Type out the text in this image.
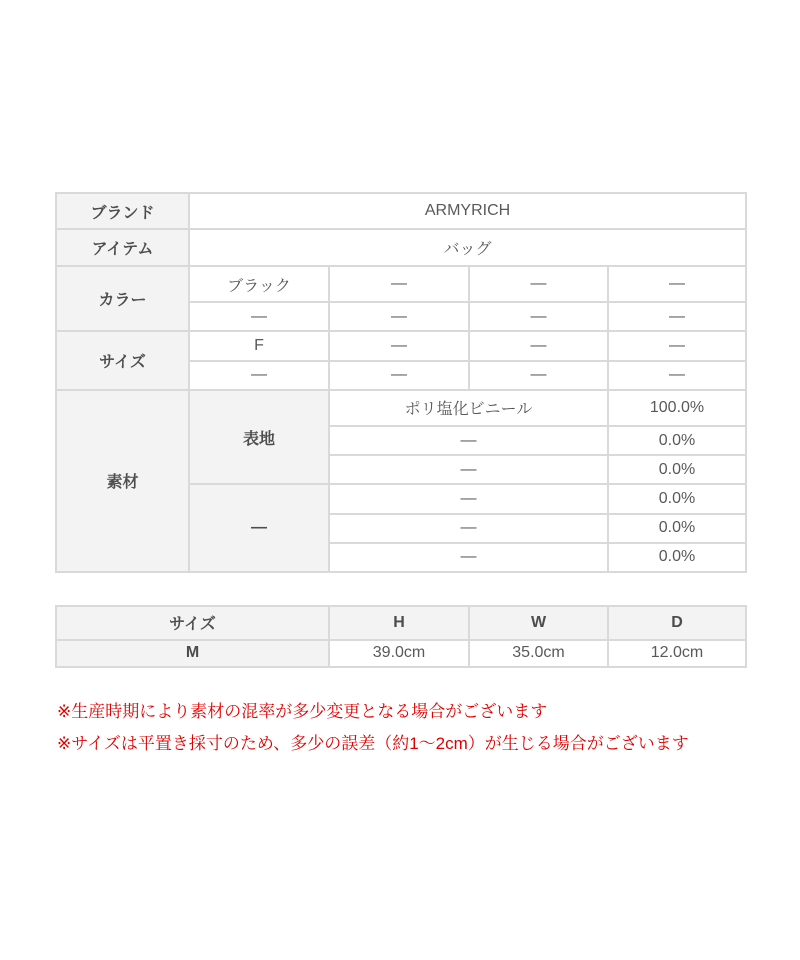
ブランド	ARMYRICH			
アイテム	バッグ			
カラー	ブラック	—	—	—
	—	—	—	—
サイズ	F	—	—	—
	—	—	—	—
素材	表地	ポリ塩化ビニール		100.0%
		—		0.0%
		—		0.0%
	—	—		0.0%
		—		0.0%
		—		0.0%
サイズ	H	W	D
M	39.0cm	35.0cm	12.0cm

※生産時期により素材の混率が多少変更となる場合がございます

※サイズは平置き採寸のため、多少の誤差（約1〜2cm）が生じる場合がございます
